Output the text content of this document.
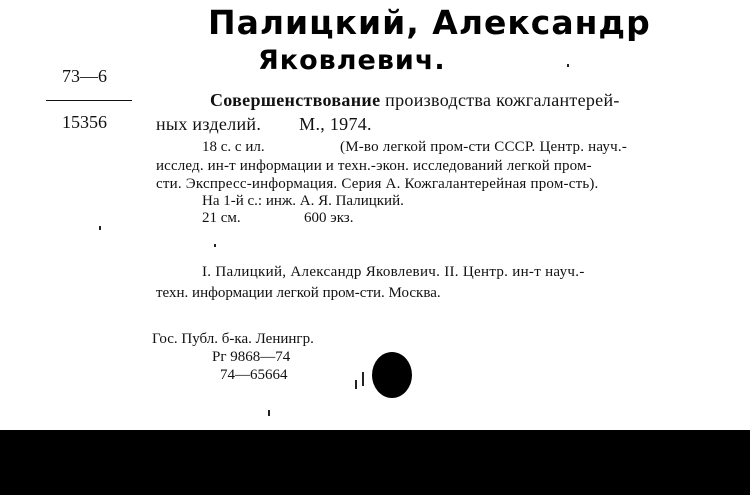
Палицкий, Александр
Яковлевич.
73—6
15356
Совершенствование производства кожгалантерей-
ных изделий. М., 1974.
18 с. с ил.	(М-во легкой пром-сти СССР. Центр. науч.-
исслед. ин-т информации и техн.-экон. исследований легкой пром-
сти. Экспресс-информация. Серия А. Кожгалантерейная пром-сть).
На 1-й с.: инж. А. Я. Палицкий.
21 см.	600 экз.
I. Палицкий, Александр Яковлевич. II. Центр. ин-т науч.-
техн. информации легкой пром-сти. Москва.
Гос. Публ. б-ка. Ленингр.
Рг 9868—74
74—65664
